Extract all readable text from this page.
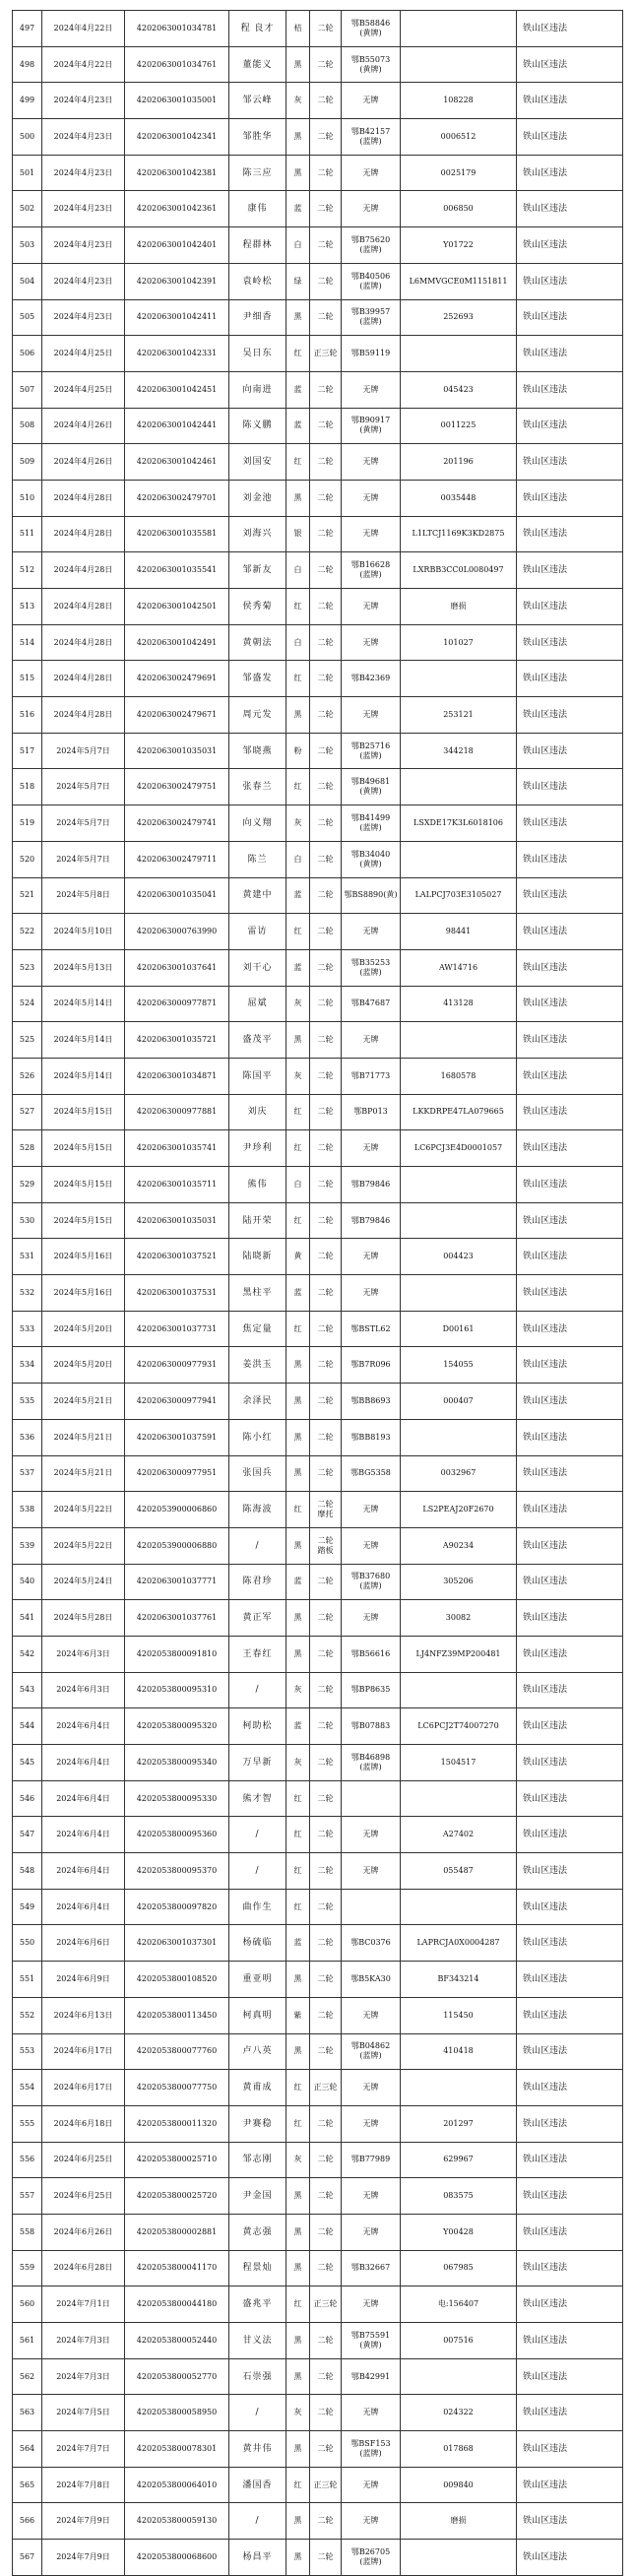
497	2024年4月22日	420206300103478​1	程 良才	桔	二轮	鄂B58846
(黄牌)		铁山区违法
498	2024年4月22日	4202063001034761	董能义	黑	二轮	鄂B55073
(黄牌)		铁山区违法
499	2024年4月23日	4202063001035001	邹云峰	灰	二轮	无牌	108228	铁山区违法
500	2024年4月23日	4202063001042341	邹胜华	黑	二轮	鄂B42157
(蓝牌)	0006512	铁山区违法
501	2024年4月23日	4202063001042381	陈三应	黑	二轮	无牌	0025179	铁山区违法
502	2024年4月23日	4202063001042361	康伟	蓝	二轮	无牌	006850	铁山区违法
503	2024年4月23日	4202063001042401	程群林	白	二轮	鄂B75620
(蓝牌)	Y01722	铁山区违法
504	2024年4月23日	4202063001042391	袁岭松	绿	二轮	鄂B40506
(蓝牌)	L6MMVGCE0M1151811	铁山区违法
505	2024年4月23日	4202063001042411	尹细香	黑	二轮	鄂B39957
(蓝牌)	252693	铁山区违法
506	2024年4月25日	4202063001042331	吴日东	红	正三轮	鄂B59119		铁山区违法
507	2024年4月25日	4202063001042451	向南进	蓝	二轮	无牌	045423	铁山区违法
508	2024年4月26日	4202063001042441	陈义鹏	蓝	二轮	鄂B90917
(黄牌)	0011225	铁山区违法
509	2024年4月26日	4202063001042461	刘国安	红	二轮	无牌	201196	铁山区违法
510	2024年4月28日	4202063002479701	刘金池	黑	二轮	无牌	0035448	铁山区违法
511	2024年4月28日	4202063001035581	刘海兴	银	二轮	无牌	L1LTCJ1169K3KD2875	铁山区违法
512	2024年4月28日	4202063001035541	邹新友	白	二轮	鄂B16628
(蓝牌)	LXRBB3CC0L0080497	铁山区违法
513	2024年4月28日	4202063001042501	侯秀菊	红	二轮	无牌	磨损	铁山区违法
514	2024年4月28日	4202063001042491	黄朝法	白	二轮	无牌	101027	铁山区违法
515	2024年4月28日	4202063002479691	邹盛发	红	二轮	鄂B42369		铁山区违法
516	2024年4月28日	4202063002479671	周元发	黑	二轮	无牌	253121	铁山区违法
517	2024年5月7日	4202063001035031	邹晓燕	粉	二轮	鄂B25716
(蓝牌)	344218	铁山区违法
518	2024年5月7日	4202063002479751	张春兰	红	二轮	鄂B49681
(黄牌)		铁山区违法
519	2024年5月7日	4202063002479741	向义翔	灰	二轮	鄂B41499
(蓝牌)	LSXDE17K3L6018106	铁山区违法
520	2024年5月7日	4202063002479711	陈兰	白	二轮	鄂B34040
(黄牌)		铁山区违法
521	2024年5月8日	4202063001035041	黄建中	蓝	二轮	鄂BS8890(黄)	LALPCJ703E3105027	铁山区违法
522	2024年5月10日	4202063000763990	雷访	红	二轮	无牌	98441	铁山区违法
523	2024年5月13日	4202063001037641	刘干心	蓝	二轮	鄂B35253
(蓝牌)	AW14716	铁山区违法
524	2024年5月14日	4202063000977871	屈斌	灰	二轮	鄂B47687	413128	铁山区违法
525	2024年5月14日	4202063001035721	盛茂平	黑	二轮	无牌		铁山区违法
526	2024年5月14日	4202063001034871	陈国平	灰	二轮	鄂B71773	1680578	铁山区违法
527	2024年5月15日	4202063000977881	刘庆	红	二轮	鄂BP013	LKKDRPE47LA079665	铁山区违法
528	2024年5月15日	4202063001035741	尹珍利	红	二轮	无牌	LC6PCJ3E4D0001057	铁山区违法
529	2024年5月15日	4202063001035711	熊伟	白	二轮	鄂B79846		铁山区违法
530	2024年5月15日	4202063001035031	陆开荣	红	二轮	鄂B79846		铁山区违法
531	2024年5月16日	4202063001037521	陆晓新	黄	二轮	无牌	004423	铁山区违法
532	2024年5月16日	4202063001037531	黑柱平	蓝	二轮	无牌		铁山区违法
533	2024年5月20日	4202063001037731	焦定量	红	二轮	鄂BSTL62	D00161	铁山区违法
534	2024年5月20日	4202063000977931	姜洪玉	黑	二轮	鄂B7R096	154055	铁山区违法
535	2024年5月21日	4202063000977941	余泽民	黑	二轮	鄂BB8693	000407	铁山区违法
536	2024年5月21日	4202063001037591	陈小红	黑	二轮	鄂BB8193		铁山区违法
537	2024年5月21日	4202063000977951	张国兵	黑	二轮	鄂BG5358	0032967	铁山区违法
538	2024年5月22日	4202053900006860	陈海波	红	二轮
摩托	无牌	LS2PEAJ20F2670	铁山区违法
539	2024年5月22日	4202053900006880	/	黑	二轮
踏板	无牌	A90234	铁山区违法
540	2024年5月24日	4202063001037771	陈君珍	蓝	二轮	鄂B37680
(蓝牌)	305206	铁山区违法
541	2024年5月28日	4202063001037761	黄正军	黑	二轮	无牌	30082	铁山区违法
542	2024年6月3日	4202053800091810	王春红	黑	二轮	鄂B56616	LJ4NFZ39MP200481	铁山区违法
543	2024年6月3日	4202053800095310	/	灰	二轮	鄂BP8635		铁山区违法
544	2024年6月4日	4202053800095320	柯助松	蓝	二轮	鄂B07883	LC6PCJ2T74007270	铁山区违法
545	2024年6月4日	4202053800095340	万早新	灰	二轮	鄂B46898
(蓝牌)	1504517	铁山区违法
546	2024年6月4日	4202053800095330	熊才智	红	二轮			铁山区违法
547	2024年6月4日	4202053800095360	/	红	二轮	无牌	A27402	铁山区违法
548	2024年6月4日	4202053800095370	/	红	二轮	无牌	055487	铁山区违法
549	2024年6月4日	4202053800097820	曲作生	红	二轮			铁山区违法
550	2024年6月6日	4202063001037301	杨硫临	蓝	二轮	鄂BC0376	LAPRCJA0X0004287	铁山区违法
551	2024年6月9日	4202053800108520	重亚明	黑	二轮	鄂B5KA30	BF343214	铁山区违法
552	2024年6月13日	4202053800113450	柯真明	紫	二轮	无牌	115450	铁山区违法
553	2024年6月17日	4202053800077760	卢八英	黑	二轮	鄂B04862
(蓝牌)	410418	铁山区违法
554	2024年6月17日	4202053800077750	黄甫成	红	正三轮	无牌		铁山区违法
555	2024年6月18日	4202053800011320	尹赛稳	红	二轮	无牌	201297	铁山区违法
556	2024年6月25日	4202053800025710	邹志刚	灰	二轮	鄂B77989	629967	铁山区违法
557	2024年6月25日	4202053800025720	尹金国	黑	二轮	无牌	083575	铁山区违法
558	2024年6月26日	4202053800002881	黄志强	黑	二轮	无牌	Y00428	铁山区违法
559	2024年6月28日	4202053800041170	程景灿	黑	二轮	鄂B32667	067985	铁山区违法
560	2024年7月1日	4202053800044180	盛兆平	红	正三轮	无牌	电:156407	铁山区违法
561	2024年7月3日	4202053800052440	甘义法	黑	二轮	鄂B75591
(黄牌)	007516	铁山区违法
562	2024年7月3日	4202053800052770	石崇强	黑	二轮	鄂B42991		铁山区违法
563	2024年7月5日	4202053800058950	/	灰	二轮	无牌	024322	铁山区违法
564	2024年7月7日	4202053800078301	黄井伟	黑	二轮	鄂BSF153
(蓝牌)	017868	铁山区违法
565	2024年7月8日	4202053800064010	潘国香	红	正三轮	无牌	009840	铁山区违法
566	2024年7月9日	4202053800059130	/	黑	二轮	无牌	磨损	铁山区违法
567	2024年7月9日	4202053800068600	杨昌平	黑	二轮	鄂B26705
(蓝牌)		铁山区违法
